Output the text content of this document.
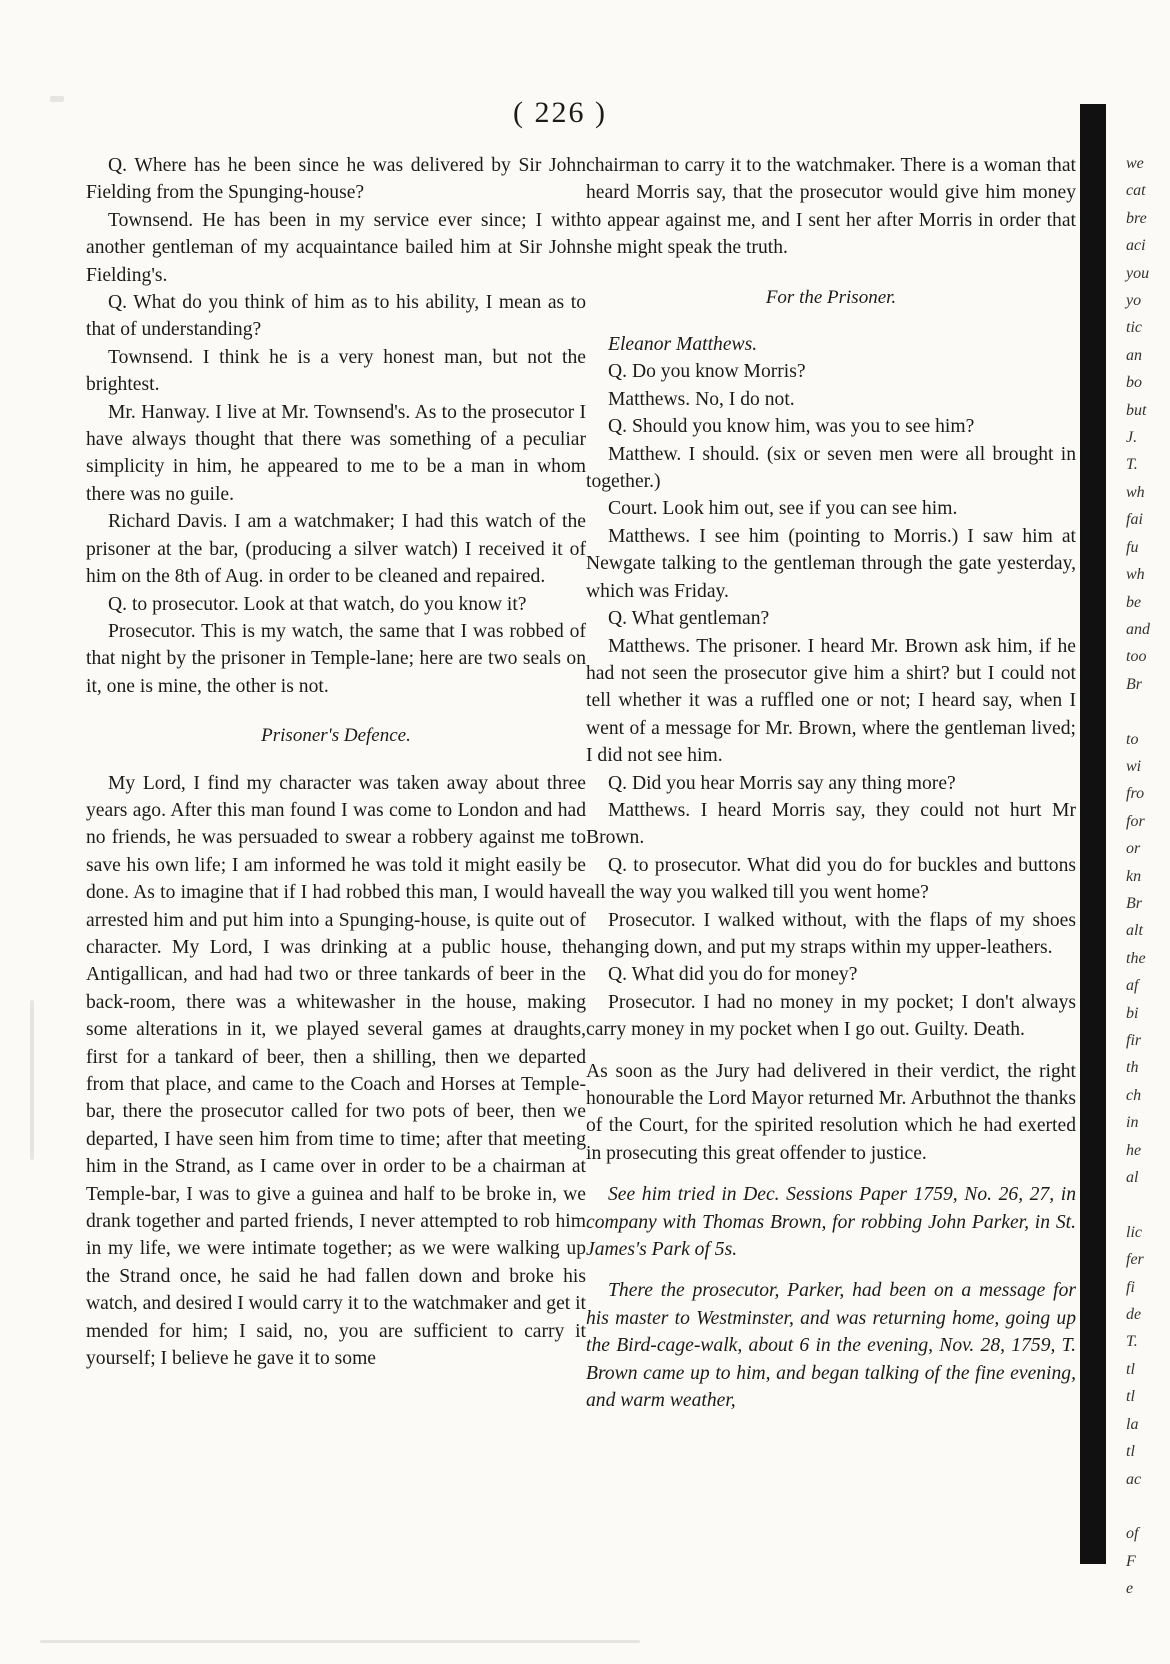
( 226 )

Q. Where has he been since he was delivered by Sir John Fielding from the Spunging-house?

Townsend. He has been in my service ever since; I with another gentleman of my acquaintance bailed him at Sir John Fielding's.

Q. What do you think of him as to his ability, I mean as to that of understanding?

Townsend. I think he is a very honest man, but not the brightest.

Mr. Hanway. I live at Mr. Townsend's. As to the prosecutor I have always thought that there was something of a peculiar simplicity in him, he appeared to me to be a man in whom there was no guile.

Richard Davis. I am a watchmaker; I had this watch of the prisoner at the bar, (producing a silver watch) I received it of him on the 8th of Aug. in order to be cleaned and repaired.

Q. to prosecutor. Look at that watch, do you know it?

Prosecutor. This is my watch, the same that I was robbed of that night by the prisoner in Temple-lane; here are two seals on it, one is mine, the other is not.

Prisoner's Defence.

My Lord, I find my character was taken away about three years ago. After this man found I was come to London and had no friends, he was persuaded to swear a robbery against me to save his own life; I am informed he was told it might easily be done. As to imagine that if I had robbed this man, I would have arrested him and put him into a Spunging-house, is quite out of character. My Lord, I was drinking at a public house, the Antigallican, and had had two or three tankards of beer in the back-room, there was a whitewasher in the house, making some alterations in it, we played several games at draughts, first for a tankard of beer, then a shilling, then we departed from that place, and came to the Coach and Horses at Temple-bar, there the prosecutor called for two pots of beer, then we departed, I have seen him from time to time; after that meeting him in the Strand, as I came over in order to be a chairman at Temple-bar, I was to give a guinea and half to be broke in, we drank together and parted friends, I never attempted to rob him in my life, we were intimate together; as we were walking up the Strand once, he said he had fallen down and broke his watch, and desired I would carry it to the watchmaker and get it mended for him; I said, no, you are sufficient to carry it yourself; I believe he gave it to some

chairman to carry it to the watchmaker. There is a woman that heard Morris say, that the prosecutor would give him money to appear against me, and I sent her after Morris in order that she might speak the truth.

For the Prisoner.

Eleanor Matthews.

Q. Do you know Morris?

Matthews. No, I do not.

Q. Should you know him, was you to see him?

Matthew. I should. (six or seven men were all brought in together.)

Court. Look him out, see if you can see him.

Matthews. I see him (pointing to Morris.) I saw him at Newgate talking to the gentleman through the gate yesterday, which was Friday.

Q. What gentleman?

Matthews. The prisoner. I heard Mr. Brown ask him, if he had not seen the prosecutor give him a shirt? but I could not tell whether it was a ruffled one or not; I heard say, when I went of a message for Mr. Brown, where the gentleman lived; I did not see him.

Q. Did you hear Morris say any thing more?

Matthews. I heard Morris say, they could not hurt Mr Brown.

Q. to prosecutor. What did you do for buckles and buttons all the way you walked till you went home?

Prosecutor. I walked without, with the flaps of my shoes hanging down, and put my straps within my upper-leathers.

Q. What did you do for money?

Prosecutor. I had no money in my pocket; I don't always carry money in my pocket when I go out. Guilty. Death.

As soon as the Jury had delivered in their verdict, the right honourable the Lord Mayor returned Mr. Arbuthnot the thanks of the Court, for the spirited resolution which he had exerted in prosecuting this great offender to justice.

See him tried in Dec. Sessions Paper 1759, No. 26, 27, in company with Thomas Brown, for robbing John Parker, in St. James's Park of 5s.

There the prosecutor, Parker, had been on a message for his master to Westminster, and was returning home, going up the Bird-cage-walk, about 6 in the evening, Nov. 28, 1759, T. Brown came up to him, and began talking of the fine evening, and warm weather,

we
cat
bre
aci
you
yo
tic
an
bo
but
J.
T.
wh
fai
fu
wh
be
and
too
Br

to
wi
fro
for
or
kn
Br
alt
the
af
bi
fir
th
ch
in
he
al

lic
fer
fi
de
T.
tl
tl
la
tl
ac

of
F
e
